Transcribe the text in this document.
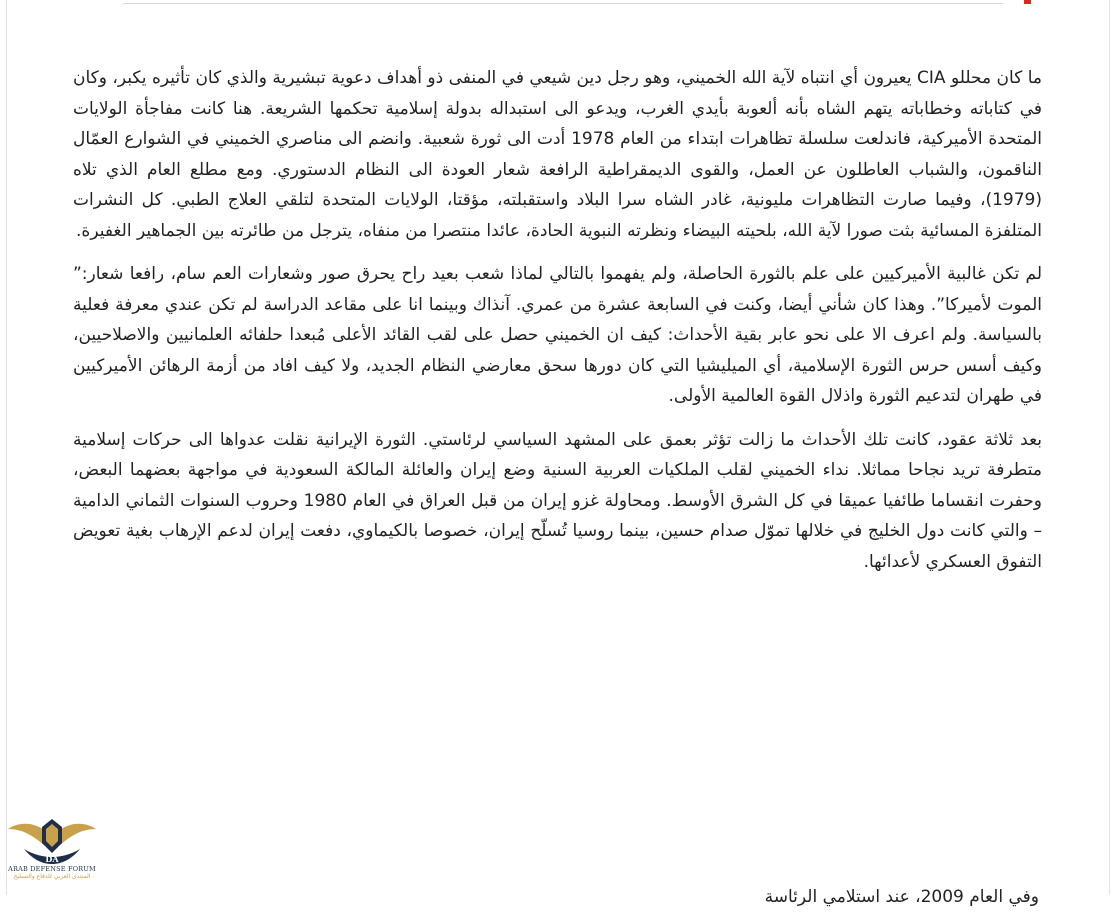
ما كان محللو CIA يعيرون أي انتباه لآية الله الخميني، وهو رجل دين شيعي في المنفى ذو أهداف دعوية تبشيرية والذي كان تأثيره يكبر، وكان في كتاباته وخطاباته يتهم الشاه بأنه ألعوبة بأيدي الغرب، ويدعو الى استبداله بدولة إسلامية تحكمها الشريعة. هنا كانت مفاجأة الولايات المتحدة الأميركية، فاندلعت سلسلة تظاهرات ابتداء من العام 1978 أدت الى ثورة شعبية. وانضم الى مناصري الخميني في الشوارع العمّال الناقمون، والشباب العاطلون عن العمل، والقوى الديمقراطية الرافعة شعار العودة الى النظام الدستوري. ومع مطلع العام الذي تلاه (1979)، وفيما صارت التظاهرات مليونية، غادر الشاه سرا البلاد واستقبلته، مؤقتا، الولايات المتحدة لتلقي العلاج الطبي. كل النشرات المتلفزة المسائية بثت صورا لآية الله، بلحيته البيضاء ونظرته النبوية الحادة، عائدا منتصرا من منفاه، يترجل من طائرته بين الجماهير الغفيرة.

لم تكن غالبية الأميركيين على علم بالثورة الحاصلة، ولم يفهموا بالتالي لماذا شعب بعيد راح يحرق صور وشعارات العم سام، رافعا شعار:” الموت لأميركا”. وهذا كان شأني أيضا، وكنت في السابعة عشرة من عمري. آنذاك وبينما انا على مقاعد الدراسة لم تكن عندي معرفة فعلية بالسياسة. ولم اعرف الا على نحو عابر بقية الأحداث: كيف ان الخميني حصل على لقب القائد الأعلى مُبعدا حلفائه العلمانيين والاصلاحيين، وكيف أسس حرس الثورة الإسلامية، أي الميليشيا التي كان دورها سحق معارضي النظام الجديد، ولا كيف افاد من أزمة الرهائن الأميركيين في طهران لتدعيم الثورة واذلال القوة العالمية الأولى.

بعد ثلاثة عقود، كانت تلك الأحداث ما زالت تؤثر بعمق على المشهد السياسي لرئاستي. الثورة الإيرانية نقلت عدواها الى حركات إسلامية متطرفة تريد نجاحا مماثلا. نداء الخميني لقلب الملكيات العربية السنية وضع إيران والعائلة المالكة السعودية في مواجهة بعضهما البعض، وحفرت انقساما طائفيا عميقا في كل الشرق الأوسط. ومحاولة غزو إيران من قبل العراق في العام 1980 وحروب السنوات الثماني الدامية – والتي كانت دول الخليج في خلالها تموّل صدام حسين، بينما روسيا تُسلّح إيران، خصوصا بالكيماوي، دفعت إيران لدعم الإرهاب بغية تعويض التفوق العسكري لأعدائها.

وفي العام 2009، عند استلامي الرئاسة
DA
ARAB DEFENSE FORUM
المنتدى العربي للدفاع والتسليح
